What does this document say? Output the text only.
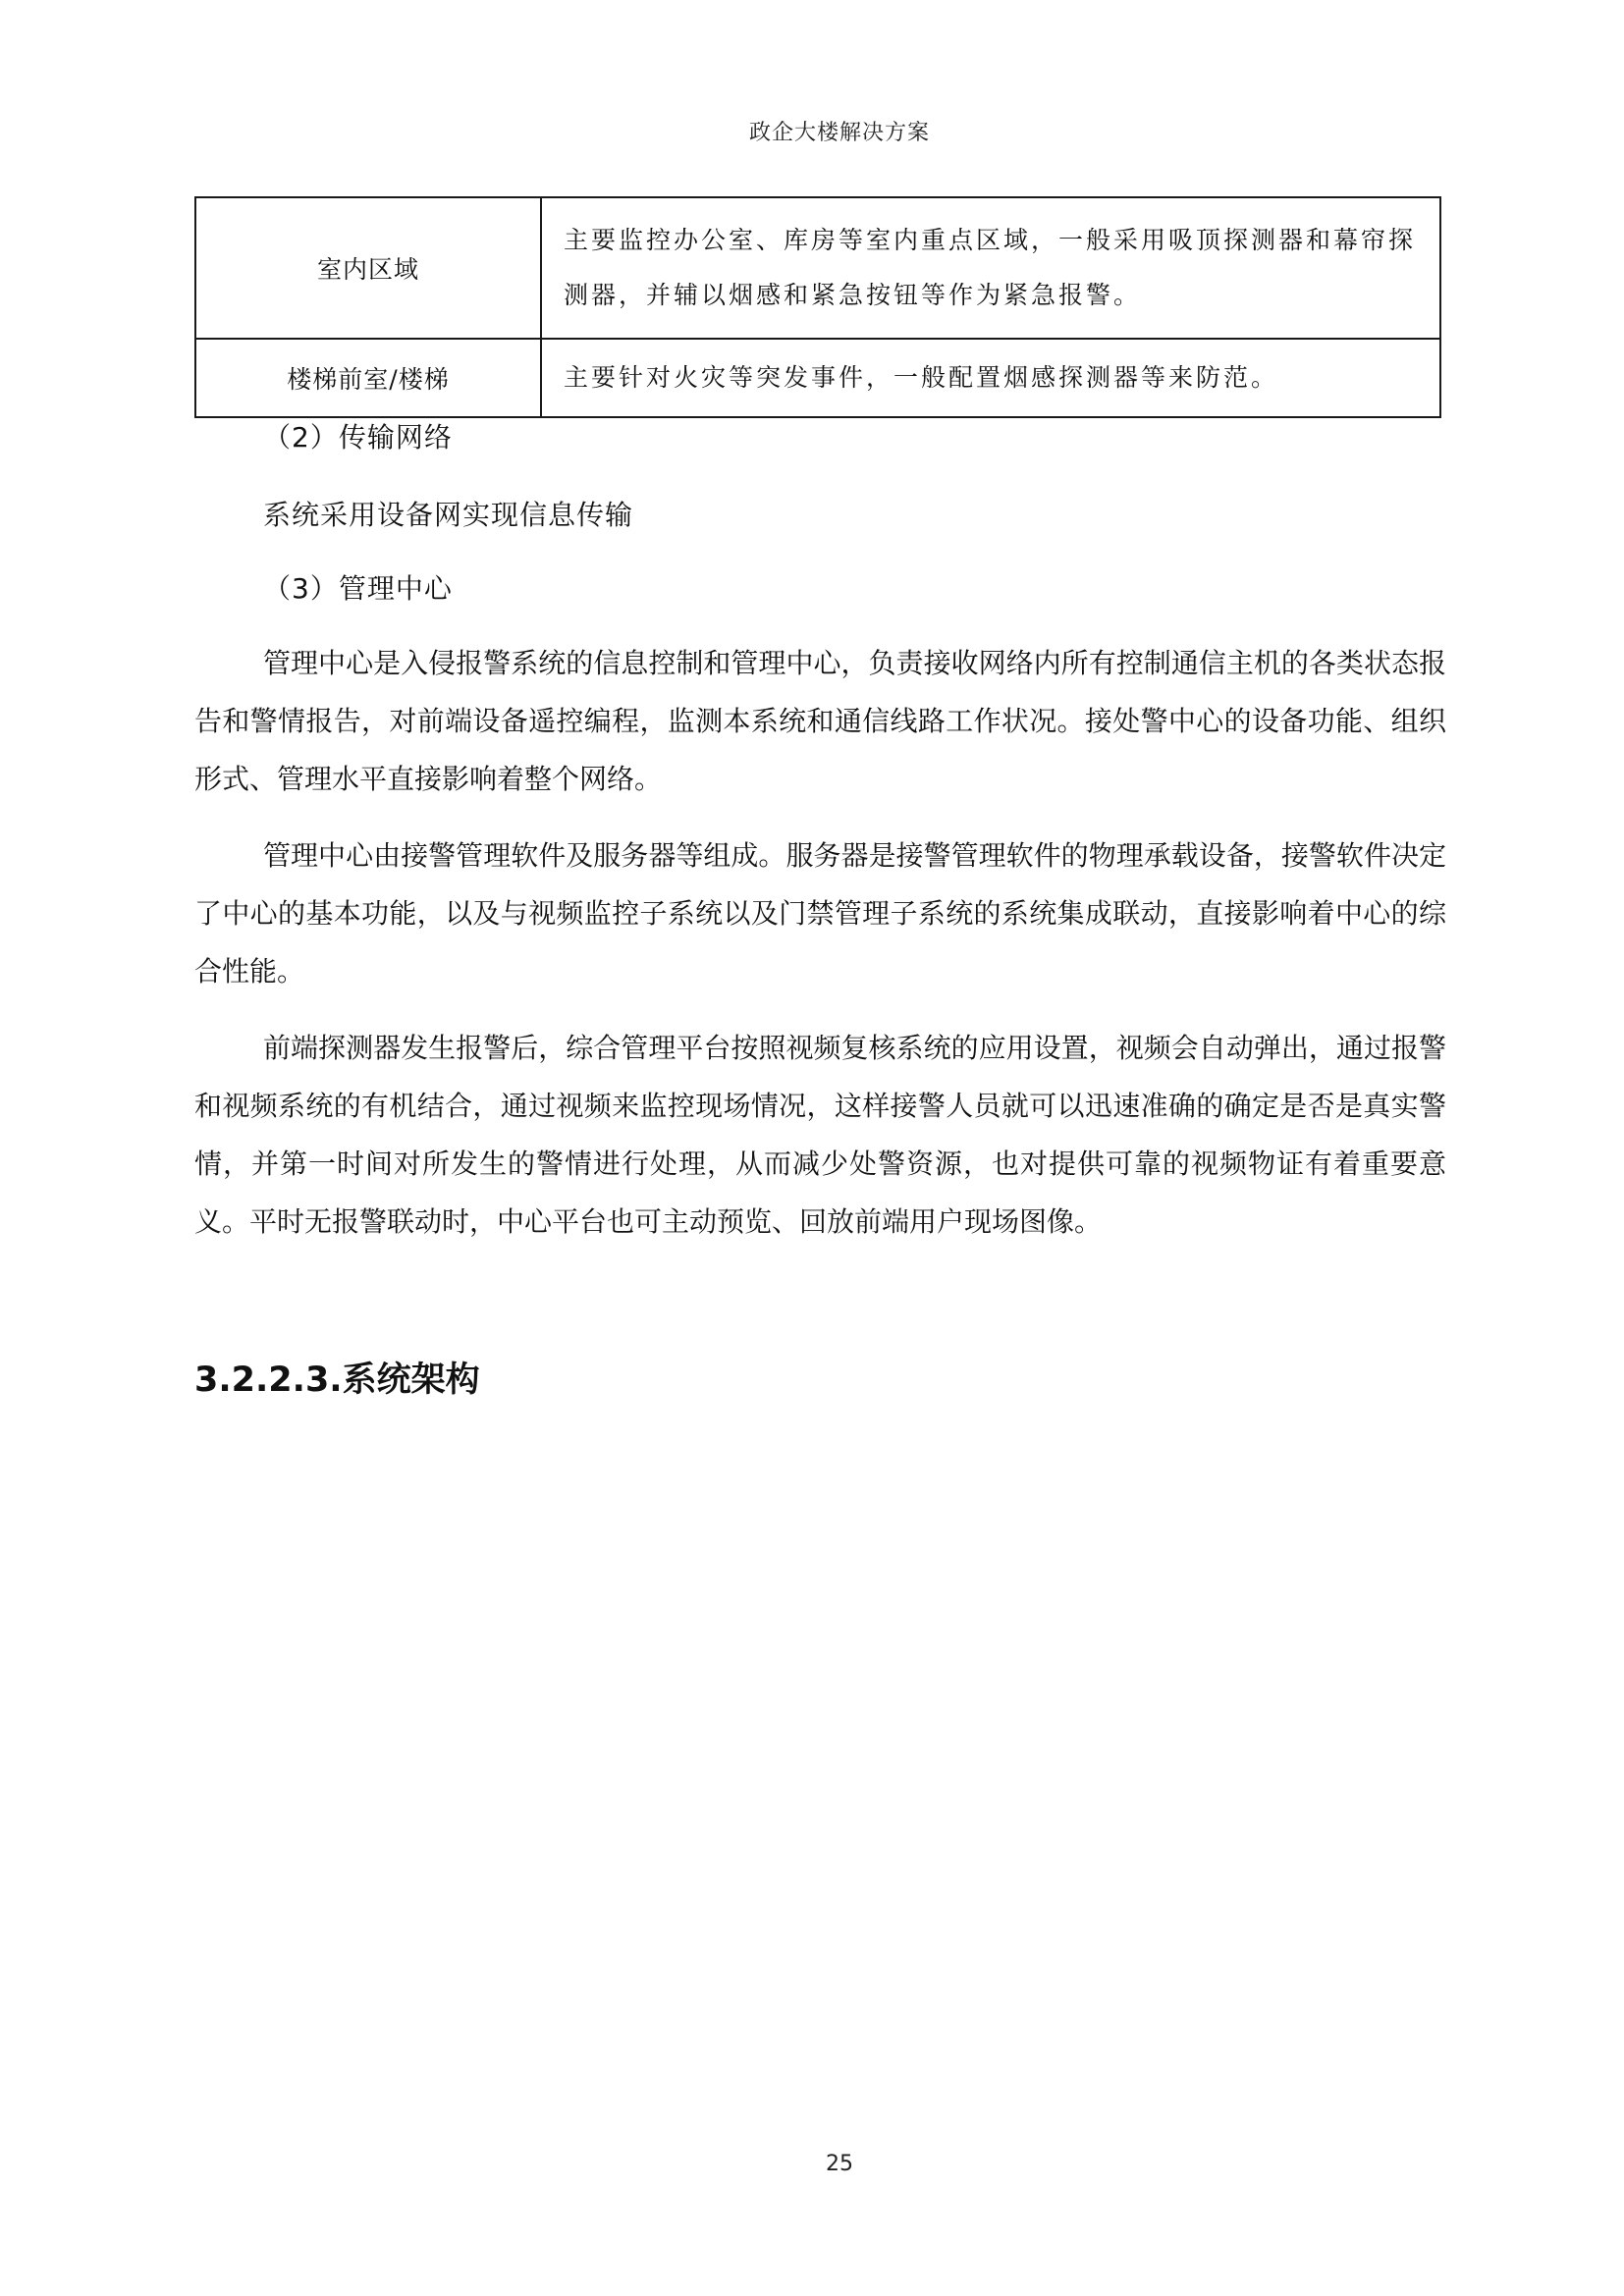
政企大楼解决方案
室内区域	主要监控办公室、库房等室内重点区域，一般采用吸顶探测器和幕帘探测器，并辅以烟感和紧急按钮等作为紧急报警。
楼梯前室/楼梯	主要针对火灾等突发事件，一般配置烟感探测器等来防范。
（2）传输网络
系统采用设备网实现信息传输
（3）管理中心

管理中心是入侵报警系统的信息控制和管理中心，负责接收网络内所有控制通信主机的各类状态报告和警情报告，对前端设备遥控编程，监测本系统和通信线路工作状况。接处警中心的设备功能、组织形式、管理水平直接影响着整个网络。

管理中心由接警管理软件及服务器等组成。服务器是接警管理软件的物理承载设备，接警软件决定了中心的基本功能，以及与视频监控子系统以及门禁管理子系统的系统集成联动，直接影响着中心的综合性能。

前端探测器发生报警后，综合管理平台按照视频复核系统的应用设置，视频会自动弹出，通过报警和视频系统的有机结合，通过视频来监控现场情况，这样接警人员就可以迅速准确的确定是否是真实警情，并第一时间对所发生的警情进行处理，从而减少处警资源，也对提供可靠的视频物证有着重要意义。平时无报警联动时，中心平台也可主动预览、回放前端用户现场图像。

3.2.2.3.系统架构
25
